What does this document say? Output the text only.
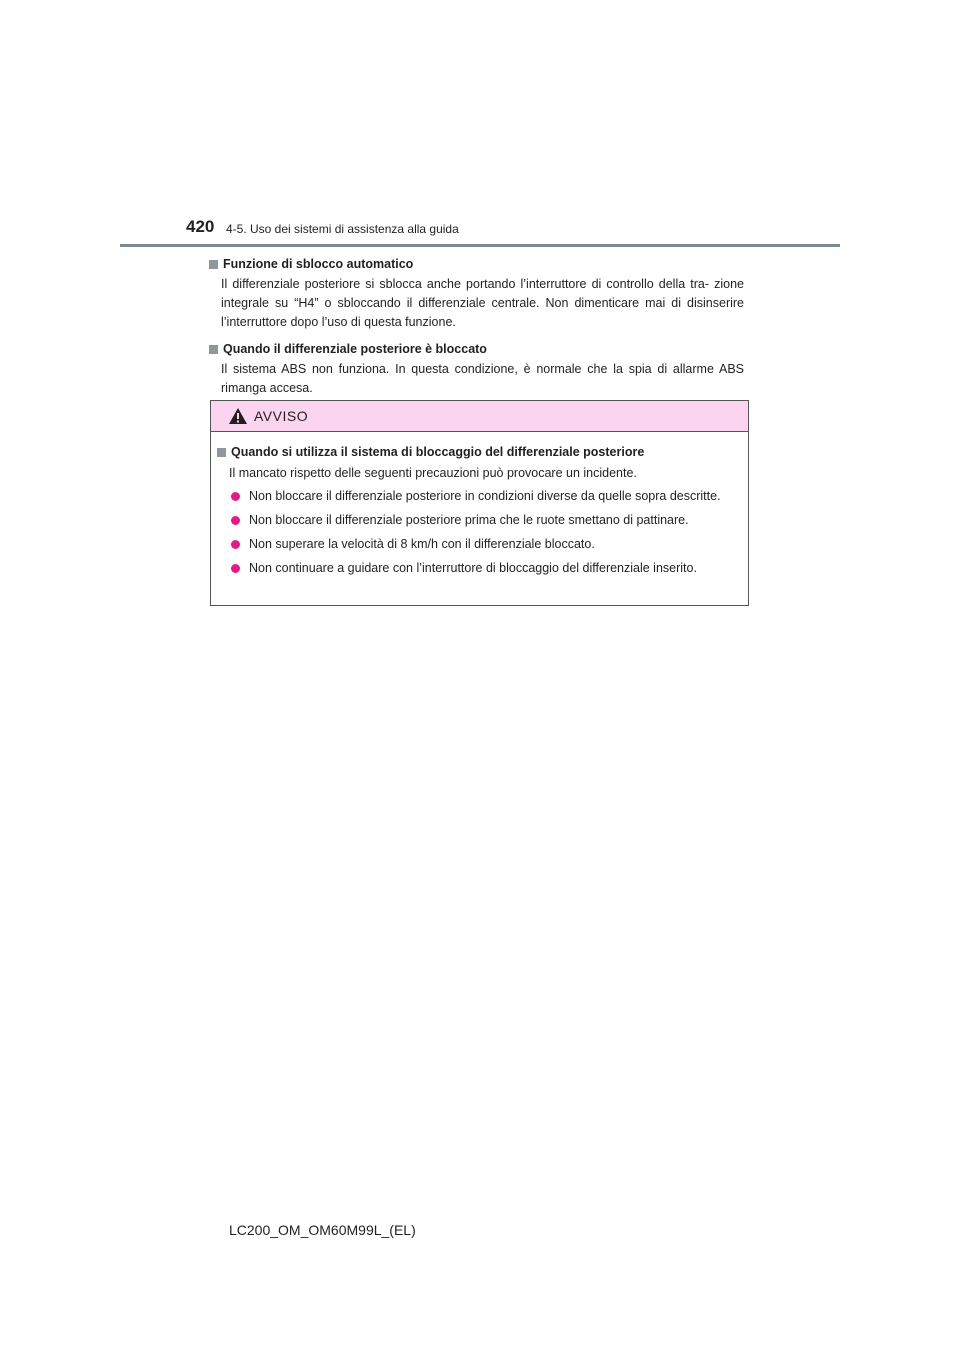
420 4-5. Uso dei sistemi di assistenza alla guida
Funzione di sblocco automatico
Il differenziale posteriore si sblocca anche portando l’interruttore di controllo della tra- zione integrale su “H4” o sbloccando il differenziale centrale. Non dimenticare mai di disinserire l’interruttore dopo l’uso di questa funzione.
Quando il differenziale posteriore è bloccato
Il sistema ABS non funziona. In questa condizione, è normale che la spia di allarme ABS rimanga accesa.
AVVISO
Quando si utilizza il sistema di bloccaggio del differenziale posteriore
Il mancato rispetto delle seguenti precauzioni può provocare un incidente.
Non bloccare il differenziale posteriore in condizioni diverse da quelle sopra descritte.
Non bloccare il differenziale posteriore prima che le ruote smettano di pattinare.
Non superare la velocità di 8 km/h con il differenziale bloccato.
Non continuare a guidare con l’interruttore di bloccaggio del differenziale inserito.
LC200_OM_OM60M99L_(EL)
